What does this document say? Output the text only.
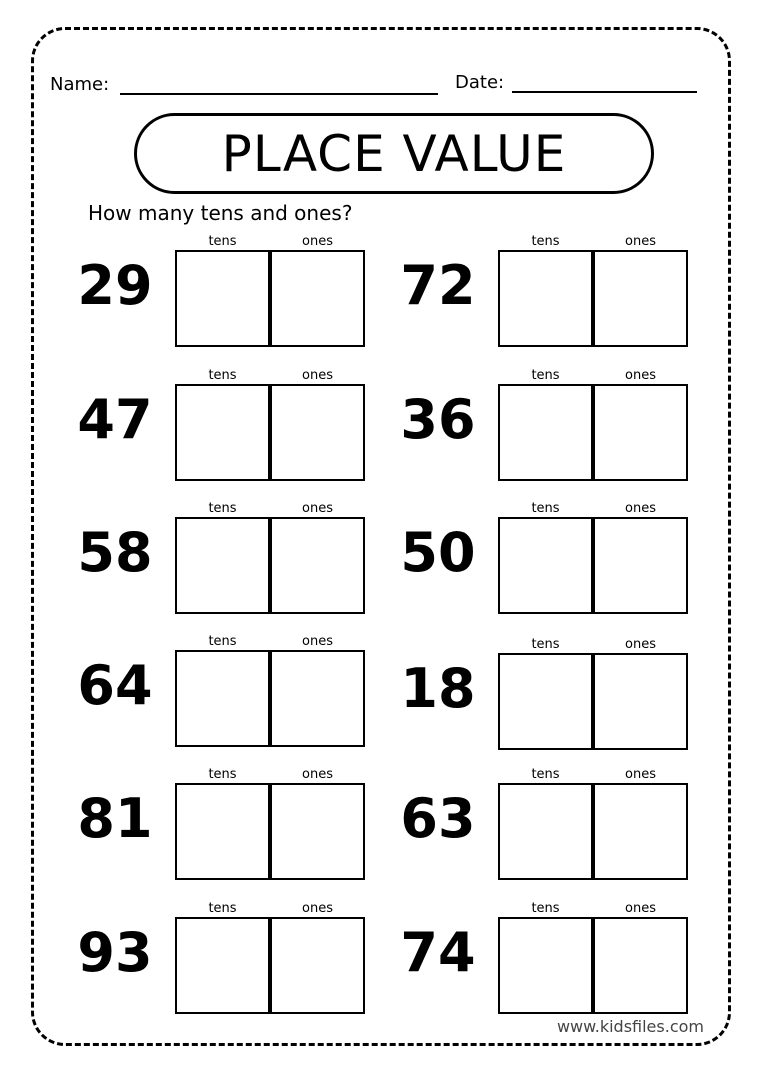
Name:	Date:
PLACE VALUE
How many tens and ones?
29
tens	ones
72
tens	ones
47
tens	ones
36
tens	ones
58
tens	ones
50
tens	ones
64
tens	ones
18
tens	ones
81
tens	ones
63
tens	ones
93
tens	ones
74
tens	ones
www.kidsfiles.com
